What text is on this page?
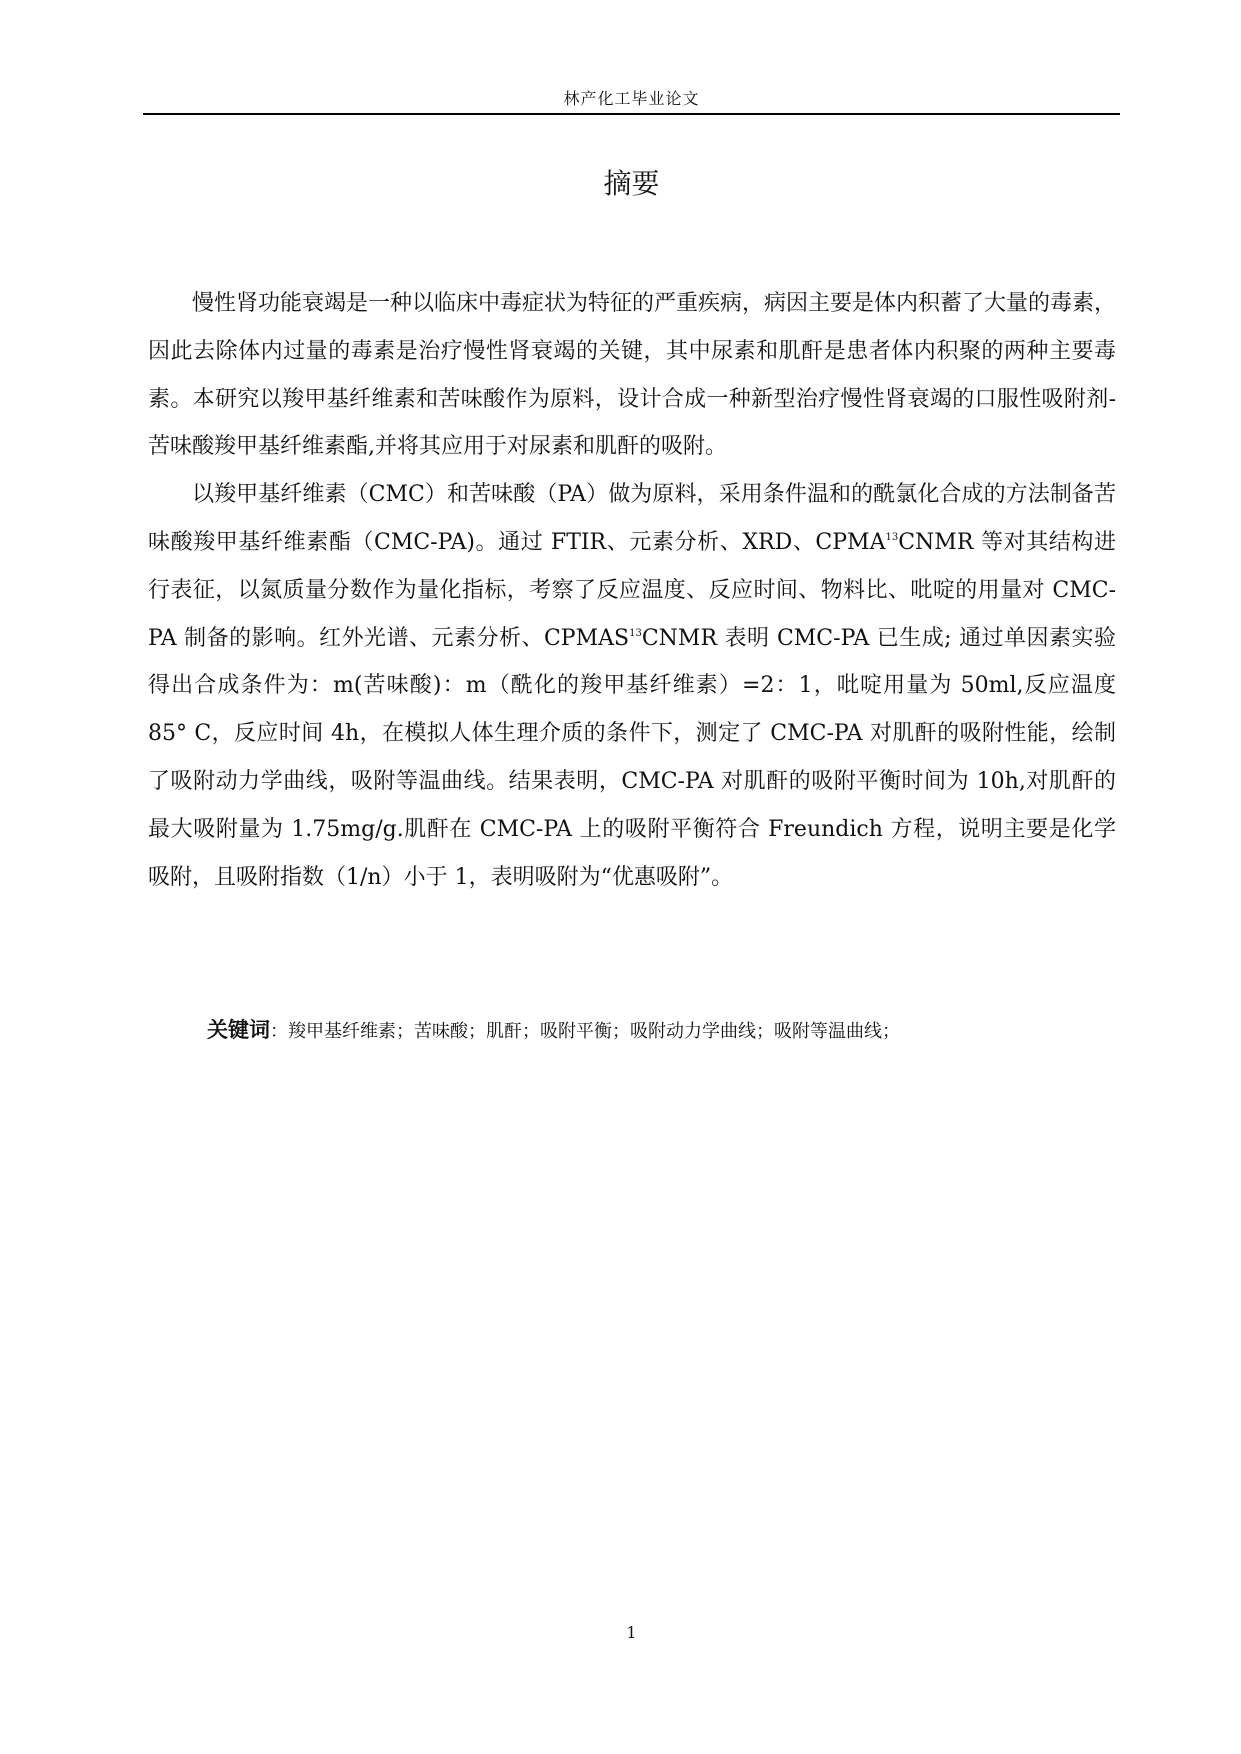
林产化工毕业论文
摘要

慢性肾功能衰竭是一种以临床中毒症状为特征的严重疾病，病因主要是体内积蓄了大量的毒素，因此去除体内过量的毒素是治疗慢性肾衰竭的关键，其中尿素和肌酐是患者体内积聚的两种主要毒素。本研究以羧甲基纤维素和苦味酸作为原料，设计合成一种新型治疗慢性肾衰竭的口服性吸附剂-苦味酸羧甲基纤维素酯,并将其应用于对尿素和肌酐的吸附。

以羧甲基纤维素（CMC）和苦味酸（PA）做为原料，采用条件温和的酰氯化合成的方法制备苦味酸羧甲基纤维素酯（CMC-PA)。通过 FTIR、元素分析、XRD、CPMA$^{13}$CNMR 等对其结构进行表征，以氮质量分数作为量化指标，考察了反应温度、反应时间、物料比、吡啶的用量对 CMC-PA 制备的影响。红外光谱、元素分析、CPMAS$^{13}$CNMR 表明 CMC-PA 已生成; 通过单因素实验得出合成条件为：m(苦味酸)：m（酰化的羧甲基纤维素）=2：1，吡啶用量为 50ml,反应温度 85° C，反应时间 4h，在模拟人体生理介质的条件下，测定了 CMC-PA 对肌酐的吸附性能，绘制了吸附动力学曲线，吸附等温曲线。结果表明，CMC-PA 对肌酐的吸附平衡时间为 10h,对肌酐的最大吸附量为 1.75mg/g.肌酐在 CMC-PA 上的吸附平衡符合 Freundich 方程，说明主要是化学吸附，且吸附指数（1/n）小于 1，表明吸附为“优惠吸附”。

关键词：羧甲基纤维素；苦味酸；肌酐；吸附平衡；吸附动力学曲线；吸附等温曲线；
1
